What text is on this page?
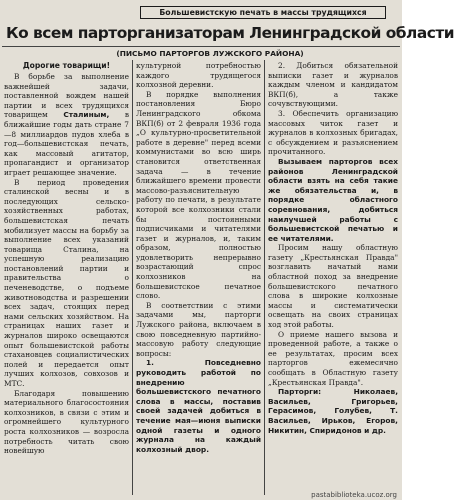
Большевистскую печать в массы трудящихся
Ко всем парторганизаторам Ленинградской области
(ПИСЬМО ПАРТОРГОВ ЛУЖСКОГО РАЙОНА)

Дорогие товарищи!

В борьбе за выполнение важнейшей задачи, поставленной вождем нашей партии и всех трудящихся товарищем Сталиным, в ближайшие годы дать стране 7—8 миллиардов пудов хлеба в год—большевистская печать, как массовый агитатор, пропагандист и организатор играет решающее значение.

В период проведения сталинской весны и в последующих сельско-хозяйственных работах, большевистская печать мобилизует массы на борьбу за выполнение всех указаний товарища Сталина, на успешную реализацию постановлений партии и правительства о печеневодстве, о подъеме животноводства и разрешении всех задач, стоящих перед нами сельских хозяйством. На страницах наших газет и журналов широко освещаются опыт большевистской работы стахановцев социалистических полей и передается опыт лучших колхозов, совхозов и МТС.

Благодаря повышению материального благосостояния колхозников, в связи с этим и огромнейшего культурного роста колхозников — возросла потребность читать свою новейшую

культурной потребностью каждого трудящегося колхозной деревни.

В порядке выполнения постановления Бюро Ленинградского обкома ВКП(б) от 2 февраля 1936 года „О культурно-просветительной работе в деревне" перед всеми коммунистами во всю ширь становится ответственная задача — в течение ближайшего времени провести массово-разъяснительную работу по печати, в результате которой все колхозники стали бы постоянными подписчиками и читателями газет и журналов, и, таким образом, полностью удовлетворить непрерывно возрастающий спрос колхозников на большевистское печатное слово.

В соответствии с этими задачами мы, парторги Лужского района, включаем в свою повседневную партийно-массовую работу следующие вопросы:

1. Повседневно руководить работой по внедрению большевистского печатного слова в массы, поставив своей задачей добиться в течение мая—июня выписки одной газеты и одного журнала на каждый колхозный двор.

2. Добиться обязательной выписки газет и журналов каждым членом и кандидатом ВКП(б), а также сочувствующими.

3. Обеспечить организацию массовых читок газет и журналов в колхозных бригадах, с обсуждением и разъяснением прочитанного.

Вызываем парторгов всех районов Ленинградской области взять на себя такие же обязательства и, в порядке областного соревнования, добиться наилучшей работы с большевистской печатью и ее читателями.

Просим нашу областную газету „Крестьянская Правда" возглавить начатый нами областной поход за внедрение большевистского печатного слова в широкие колхозные массы и систематически освещать на своих страницах ход этой работы.

О приеме нашего вызова и проведенной работе, а также о ее результатах, просим всех парторгов ежемесячно сообщать в Областную газету „Крестьянская Правда".

Парторги:	Николаев, Васильев, Григорьев, Герасимов, Голубев, Т. Васильев, Ирьков, Егоров, Никитин, Спиридонов и др.

pastabiblioteka.ucoz.org
